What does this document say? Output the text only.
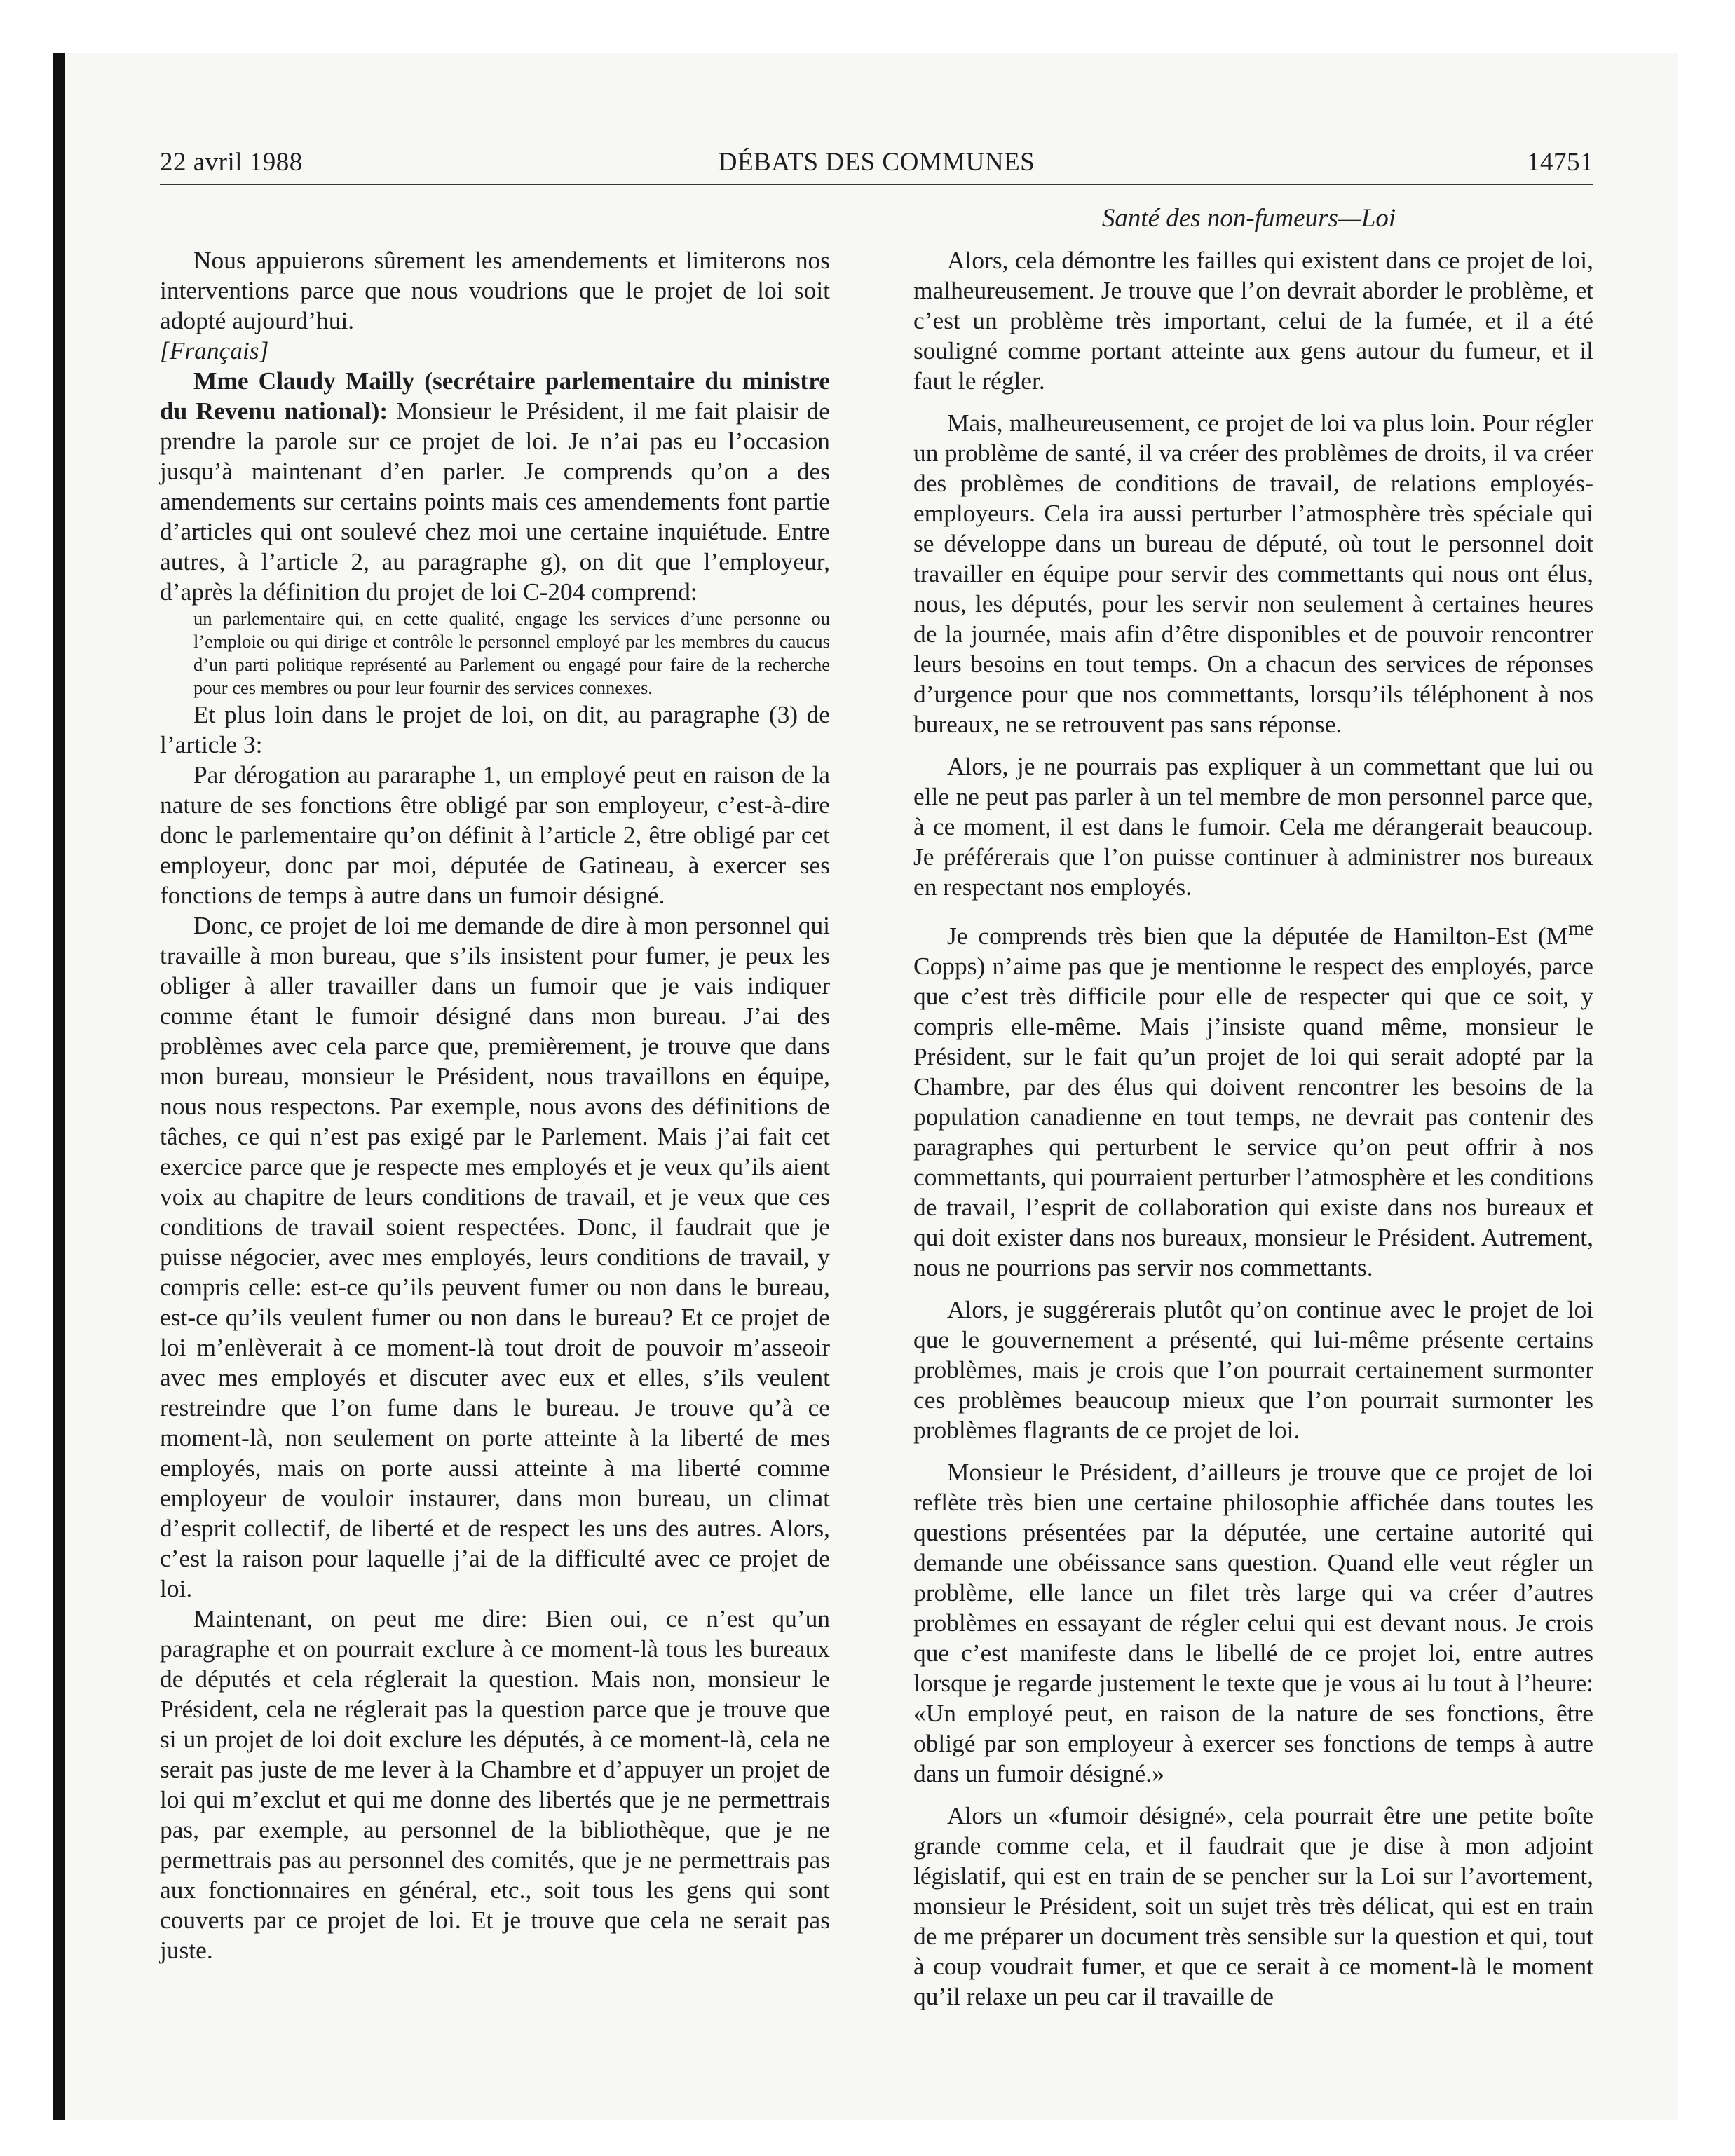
22 avril 1988	DÉBATS DES COMMUNES	14751
Santé des non-fumeurs—Loi

Nous appuierons sûrement les amendements et limiterons nos interventions parce que nous voudrions que le projet de loi soit adopté aujourd’hui.

[Français]

Mme Claudy Mailly (secrétaire parlementaire du ministre du Revenu national): Monsieur le Président, il me fait plaisir de prendre la parole sur ce projet de loi. Je n’ai pas eu l’occasion jusqu’à maintenant d’en parler. Je comprends qu’on a des amendements sur certains points mais ces amendements font partie d’articles qui ont soulevé chez moi une certaine inquiétude. Entre autres, à l’article 2, au paragraphe g), on dit que l’employeur, d’après la définition du projet de loi C-204 comprend:

un parlementaire qui, en cette qualité, engage les services d’une personne ou l’emploie ou qui dirige et contrôle le personnel employé par les membres du caucus d’un parti politique représenté au Parlement ou engagé pour faire de la recherche pour ces membres ou pour leur fournir des services connexes.

Et plus loin dans le projet de loi, on dit, au paragraphe (3) de l’article 3:

Par dérogation au pararaphe 1, un employé peut en raison de la nature de ses fonctions être obligé par son employeur, c’est-à-dire donc le parlementaire qu’on définit à l’article 2, être obligé par cet employeur, donc par moi, députée de Gatineau, à exercer ses fonctions de temps à autre dans un fumoir désigné.

Donc, ce projet de loi me demande de dire à mon personnel qui travaille à mon bureau, que s’ils insistent pour fumer, je peux les obliger à aller travailler dans un fumoir que je vais indiquer comme étant le fumoir désigné dans mon bureau. J’ai des problèmes avec cela parce que, premièrement, je trouve que dans mon bureau, monsieur le Président, nous travaillons en équipe, nous nous respectons. Par exemple, nous avons des définitions de tâches, ce qui n’est pas exigé par le Parlement. Mais j’ai fait cet exercice parce que je respecte mes employés et je veux qu’ils aient voix au chapitre de leurs conditions de travail, et je veux que ces conditions de travail soient respectées. Donc, il faudrait que je puisse négocier, avec mes employés, leurs conditions de travail, y compris celle: est-ce qu’ils peuvent fumer ou non dans le bureau, est-ce qu’ils veulent fumer ou non dans le bureau? Et ce projet de loi m’enlèverait à ce moment-là tout droit de pouvoir m’asseoir avec mes employés et discuter avec eux et elles, s’ils veulent restreindre que l’on fume dans le bureau. Je trouve qu’à ce moment-là, non seulement on porte atteinte à la liberté de mes employés, mais on porte aussi atteinte à ma liberté comme employeur de vouloir instaurer, dans mon bureau, un climat d’esprit collectif, de liberté et de respect les uns des autres. Alors, c’est la raison pour laquelle j’ai de la difficulté avec ce projet de loi.

Maintenant, on peut me dire: Bien oui, ce n’est qu’un paragraphe et on pourrait exclure à ce moment-là tous les bureaux de députés et cela réglerait la question. Mais non, monsieur le Président, cela ne réglerait pas la question parce que je trouve que si un projet de loi doit exclure les députés, à ce moment-là, cela ne serait pas juste de me lever à la Chambre et d’appuyer un projet de loi qui m’exclut et qui me donne des libertés que je ne permettrais pas, par exemple, au personnel de la bibliothèque, que je ne permettrais pas au personnel des comités, que je ne permettrais pas aux fonctionnaires en général, etc., soit tous les gens qui sont couverts par ce projet de loi. Et je trouve que cela ne serait pas juste.

Alors, cela démontre les failles qui existent dans ce projet de loi, malheureusement. Je trouve que l’on devrait aborder le problème, et c’est un problème très important, celui de la fumée, et il a été souligné comme portant atteinte aux gens autour du fumeur, et il faut le régler.

Mais, malheureusement, ce projet de loi va plus loin. Pour régler un problème de santé, il va créer des problèmes de droits, il va créer des problèmes de conditions de travail, de relations employés-employeurs. Cela ira aussi perturber l’atmosphère très spéciale qui se développe dans un bureau de député, où tout le personnel doit travailler en équipe pour servir des commettants qui nous ont élus, nous, les députés, pour les servir non seulement à certaines heures de la journée, mais afin d’être disponibles et de pouvoir rencontrer leurs besoins en tout temps. On a chacun des services de réponses d’urgence pour que nos commettants, lorsqu’ils téléphonent à nos bureaux, ne se retrouvent pas sans réponse.

Alors, je ne pourrais pas expliquer à un commettant que lui ou elle ne peut pas parler à un tel membre de mon personnel parce que, à ce moment, il est dans le fumoir. Cela me dérangerait beaucoup. Je préférerais que l’on puisse continuer à administrer nos bureaux en respectant nos employés.

Je comprends très bien que la députée de Hamilton-Est ($M^{me}$ Copps) n’aime pas que je mentionne le respect des employés, parce que c’est très difficile pour elle de respecter qui que ce soit, y compris elle-même. Mais j’insiste quand même, monsieur le Président, sur le fait qu’un projet de loi qui serait adopté par la Chambre, par des élus qui doivent rencontrer les besoins de la population canadienne en tout temps, ne devrait pas contenir des paragraphes qui perturbent le service qu’on peut offrir à nos commettants, qui pourraient perturber l’atmosphère et les conditions de travail, l’esprit de collaboration qui existe dans nos bureaux et qui doit exister dans nos bureaux, monsieur le Président. Autrement, nous ne pourrions pas servir nos commettants.

Alors, je suggérerais plutôt qu’on continue avec le projet de loi que le gouvernement a présenté, qui lui-même présente certains problèmes, mais je crois que l’on pourrait certainement surmonter ces problèmes beaucoup mieux que l’on pourrait surmonter les problèmes flagrants de ce projet de loi.

Monsieur le Président, d’ailleurs je trouve que ce projet de loi reflète très bien une certaine philosophie affichée dans toutes les questions présentées par la députée, une certaine autorité qui demande une obéissance sans question. Quand elle veut régler un problème, elle lance un filet très large qui va créer d’autres problèmes en essayant de régler celui qui est devant nous. Je crois que c’est manifeste dans le libellé de ce projet loi, entre autres lorsque je regarde justement le texte que je vous ai lu tout à l’heure: «Un employé peut, en raison de la nature de ses fonctions, être obligé par son employeur à exercer ses fonctions de temps à autre dans un fumoir désigné.»

Alors un «fumoir désigné», cela pourrait être une petite boîte grande comme cela, et il faudrait que je dise à mon adjoint législatif, qui est en train de se pencher sur la Loi sur l’avortement, monsieur le Président, soit un sujet très très délicat, qui est en train de me préparer un document très sensible sur la question et qui, tout à coup voudrait fumer, et que ce serait à ce moment-là le moment qu’il relaxe un peu car il travaille de
